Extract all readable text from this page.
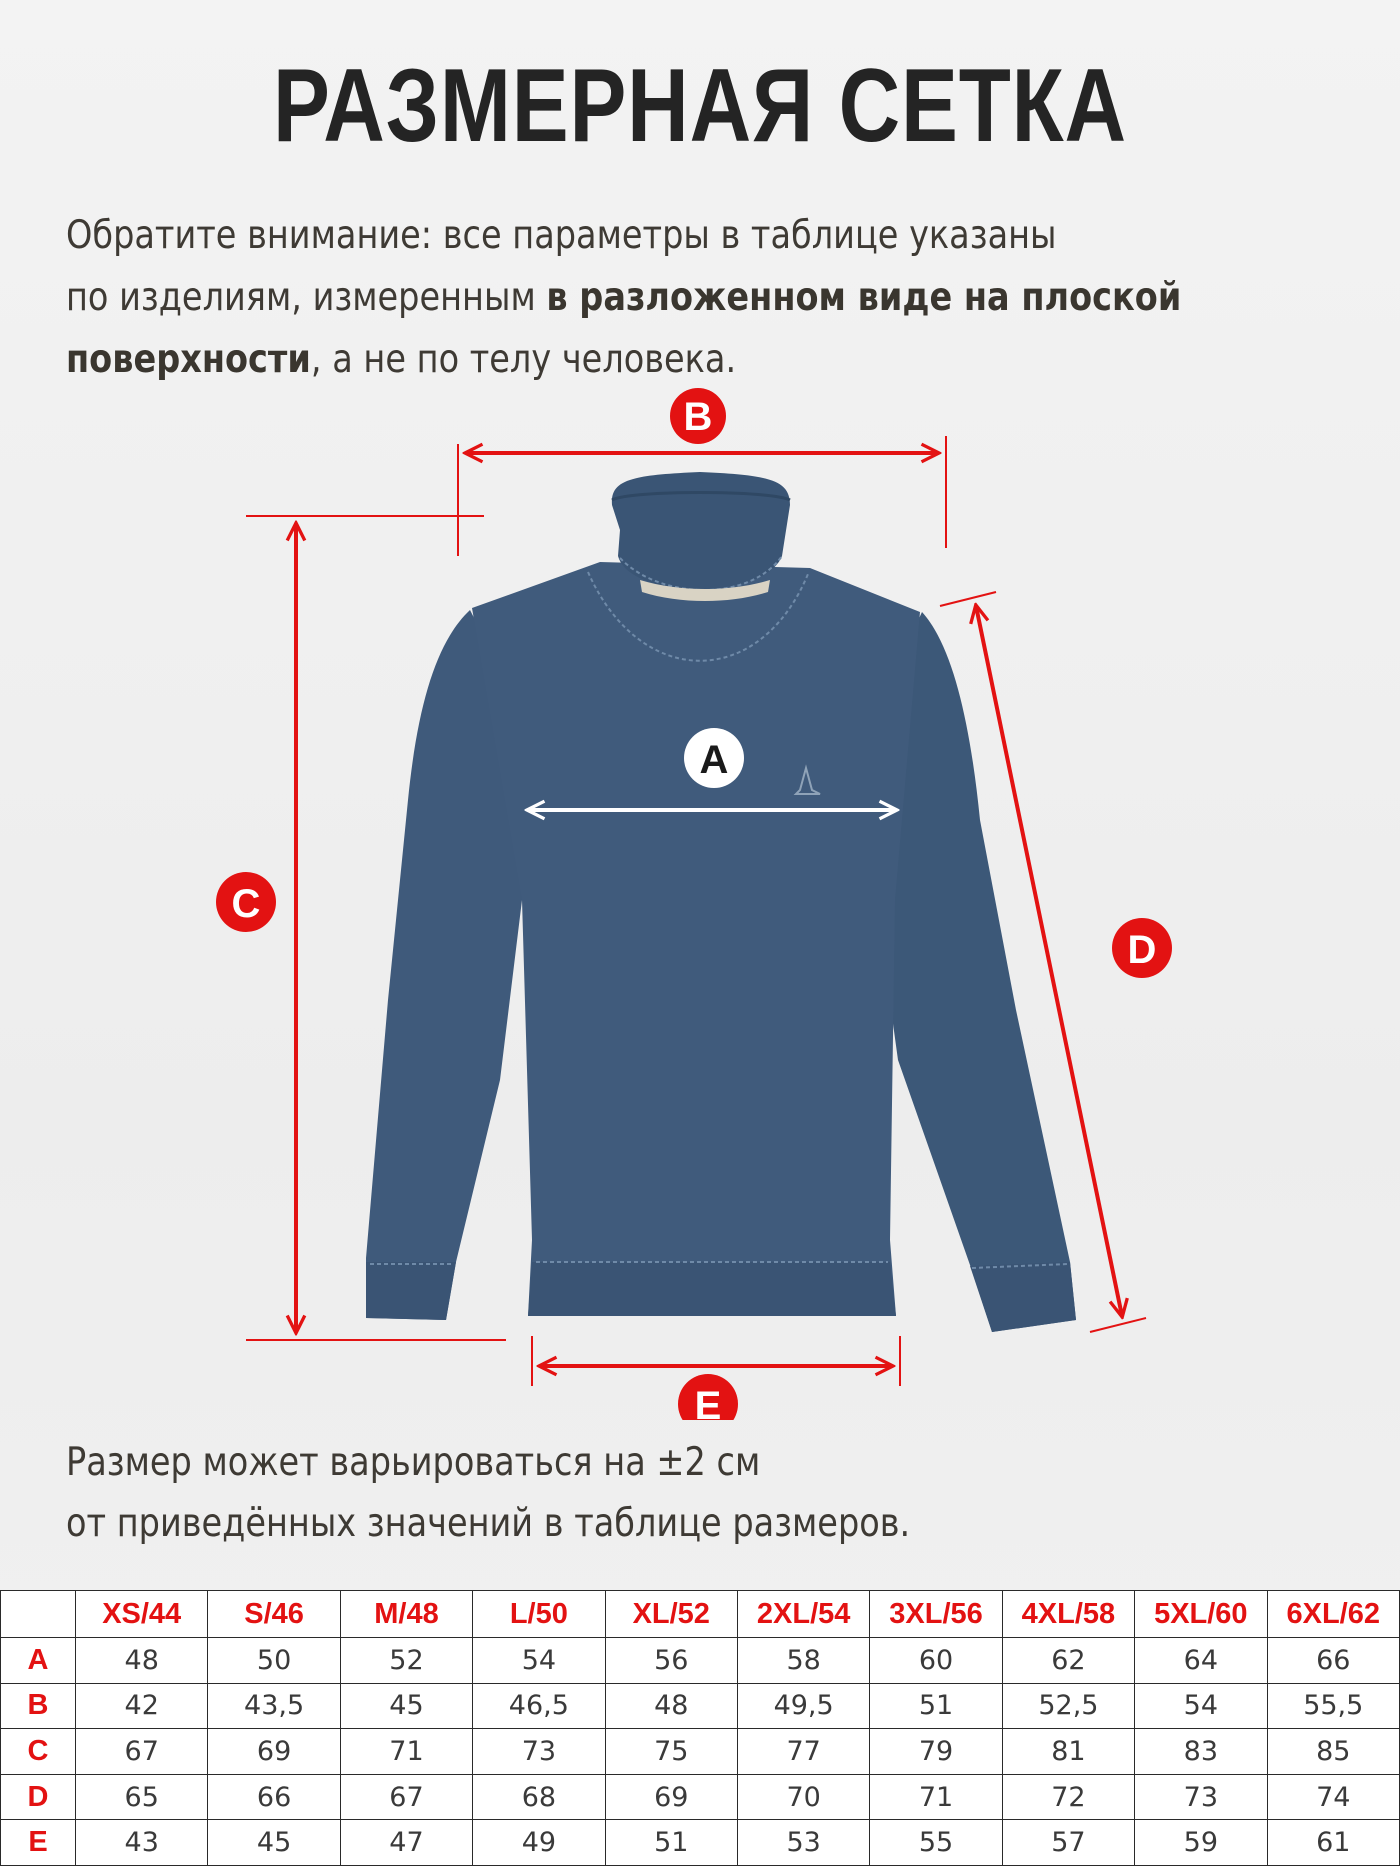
РАЗМЕРНАЯ СЕТКА
Обратите внимание: все параметры в таблице указаны
по изделиям, измеренным в разложенном виде на плоской
поверхности, а не по телу человека.
B
C
D
E
A
Размер может варьироваться на ±2 см
от приведённых значений в таблице размеров.
	XS/44	S/46	M/48	L/50	XL/52	2XL/54	3XL/56	4XL/58	5XL/60	6XL/62
A	48	50	52	54	56	58	60	62	64	66
B	42	43,5	45	46,5	48	49,5	51	52,5	54	55,5
C	67	69	71	73	75	77	79	81	83	85
D	65	66	67	68	69	70	71	72	73	74
E	43	45	47	49	51	53	55	57	59	61
